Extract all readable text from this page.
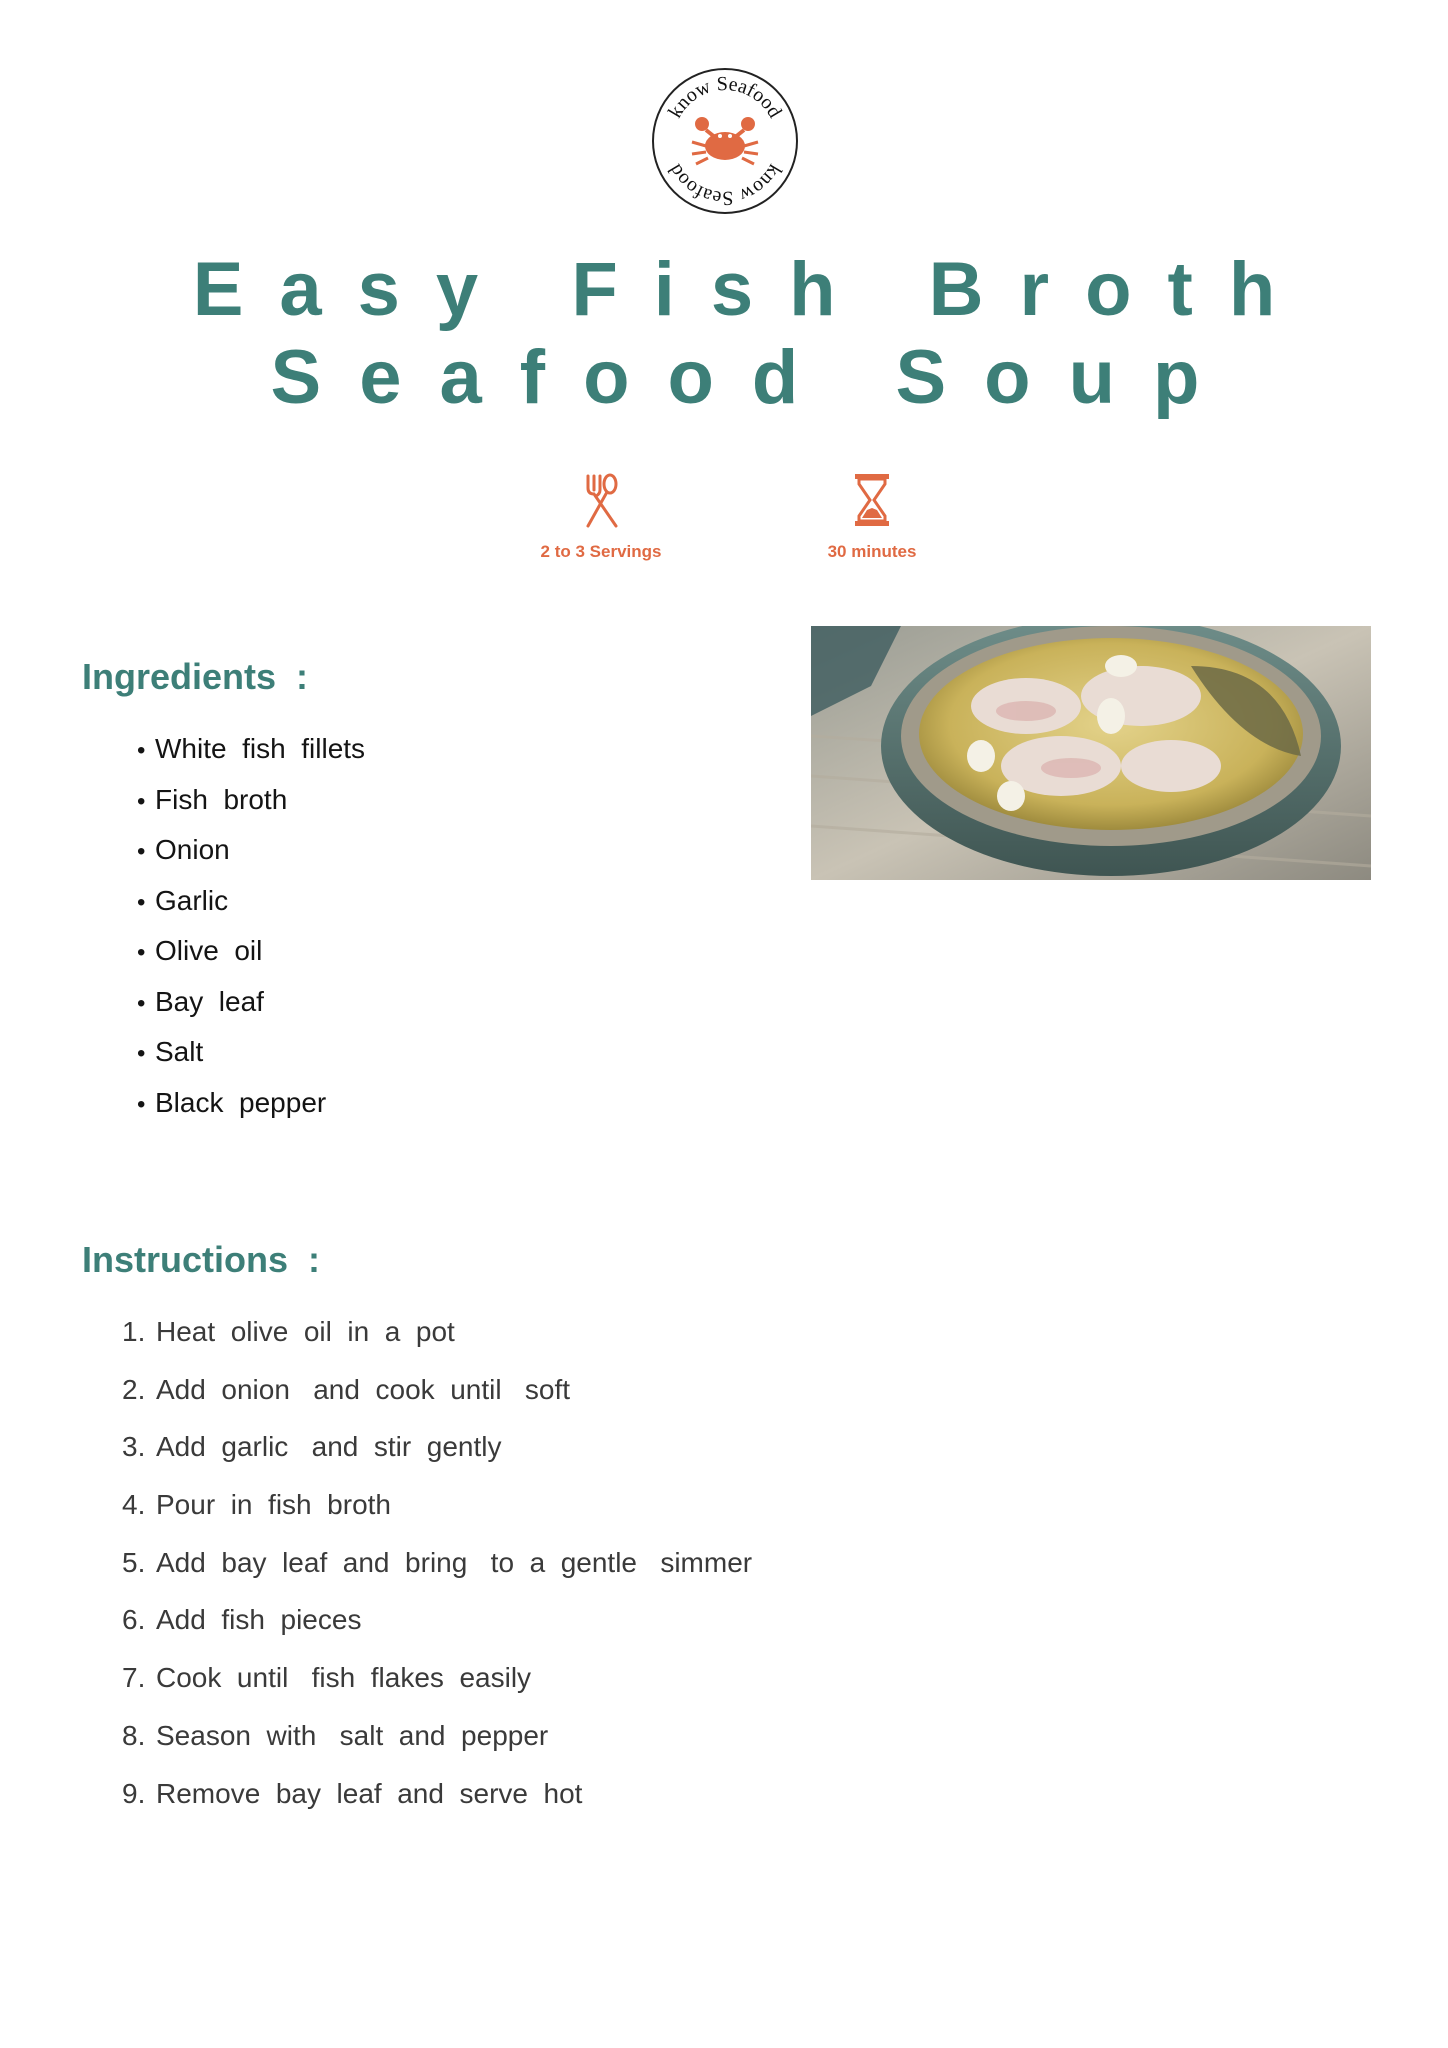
know Seafood
know Seafood
Easy Fish Broth
Seafood Soup
2 to 3 Servings	30 minutes
Ingredients  :
• White  fish  fillets
• Fish  broth
• Onion
• Garlic
• Olive  oil
• Bay  leaf
• Salt
• Black  pepper
Instructions  :
1. Heat  olive  oil  in  a  pot
2. Add  onion   and  cook  until   soft
3. Add  garlic   and  stir  gently
4. Pour  in  fish  broth
5. Add  bay  leaf  and  bring   to  a  gentle   simmer
6. Add  fish  pieces
7. Cook  until   fish  flakes  easily
8. Season  with   salt  and  pepper
9. Remove  bay  leaf  and  serve  hot
